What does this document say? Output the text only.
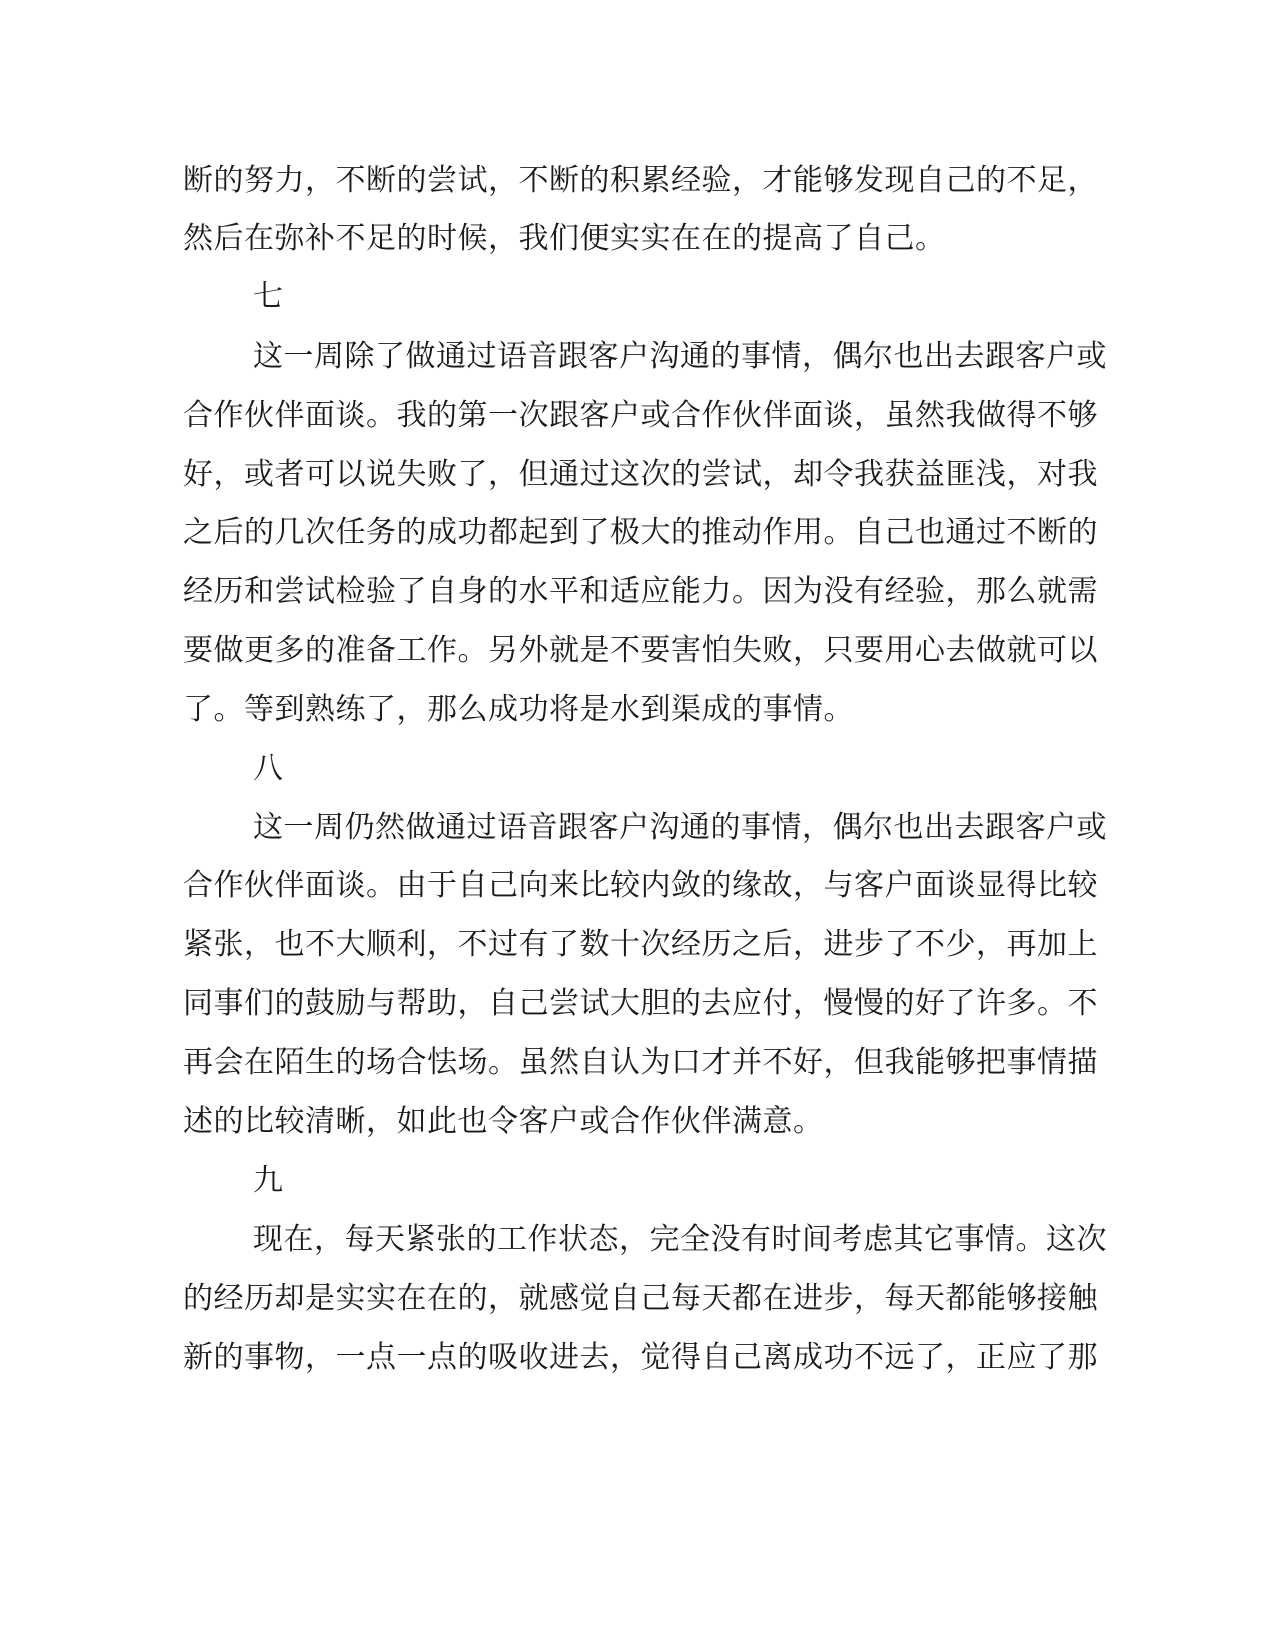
断的努力，不断的尝试，不断的积累经验，才能够发现自己的不足，

然后在弥补不足的时候，我们便实实在在的提高了自己。

七

这一周除了做通过语音跟客户沟通的事情，偶尔也出去跟客户或

合作伙伴面谈。我的第一次跟客户或合作伙伴面谈，虽然我做得不够

好，或者可以说失败了，但通过这次的尝试，却令我获益匪浅，对我

之后的几次任务的成功都起到了极大的推动作用。自己也通过不断的

经历和尝试检验了自身的水平和适应能力。因为没有经验，那么就需

要做更多的准备工作。另外就是不要害怕失败，只要用心去做就可以

了。等到熟练了，那么成功将是水到渠成的事情。

八

这一周仍然做通过语音跟客户沟通的事情，偶尔也出去跟客户或

合作伙伴面谈。由于自己向来比较内敛的缘故，与客户面谈显得比较

紧张，也不大顺利，不过有了数十次经历之后，进步了不少，再加上

同事们的鼓励与帮助，自己尝试大胆的去应付，慢慢的好了许多。不

再会在陌生的场合怯场。虽然自认为口才并不好，但我能够把事情描

述的比较清晰，如此也令客户或合作伙伴满意。

九

现在，每天紧张的工作状态，完全没有时间考虑其它事情。这次

的经历却是实实在在的，就感觉自己每天都在进步，每天都能够接触

新的事物，一点一点的吸收进去，觉得自己离成功不远了，正应了那
